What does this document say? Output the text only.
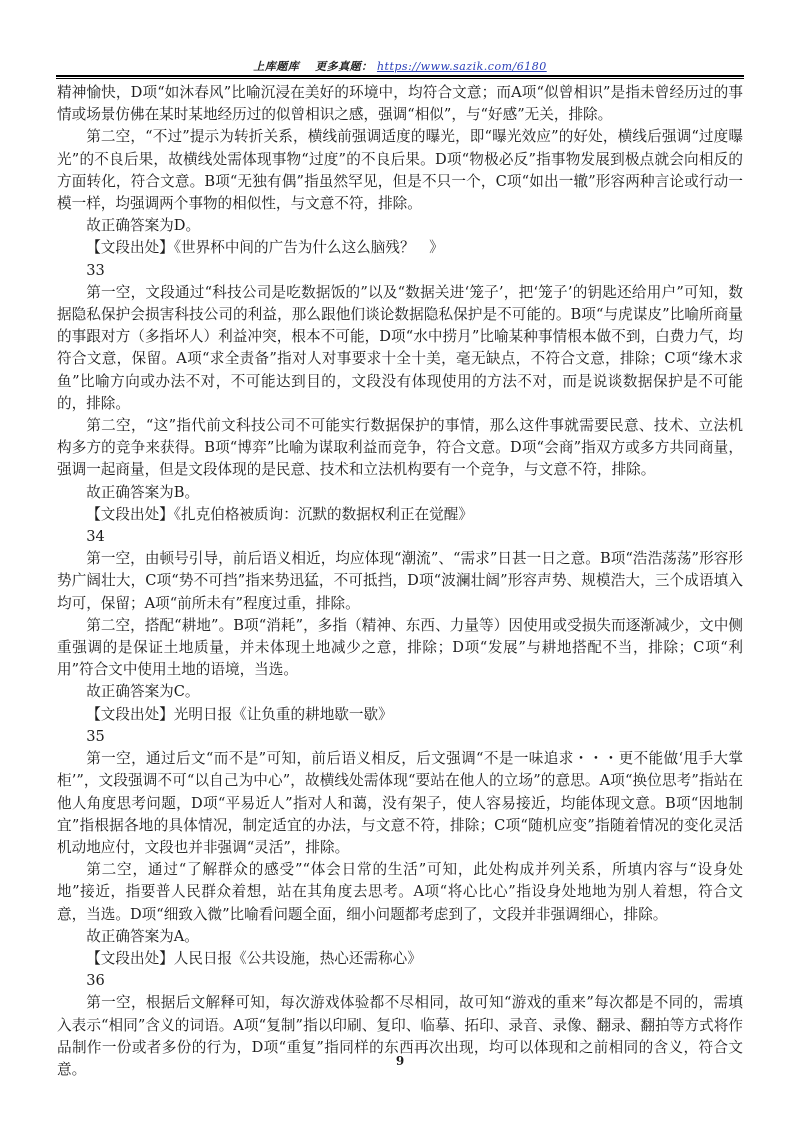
上库题库　 更多真题： https://www.sazik.com/6180

精神愉快，D项“如沐春风”比喻沉浸在美好的环境中，均符合文意；而A项“似曾相识”是指未曾经历过的事情或场景仿佛在某时某地经历过的似曾相识之感，强调“相似”，与“好感”无关，排除。

第二空，“不过”提示为转折关系，横线前强调适度的曝光，即“曝光效应”的好处，横线后强调“过度曝光”的不良后果，故横线处需体现事物“过度”的不良后果。D项“物极必反”指事物发展到极点就会向相反的方面转化，符合文意。B项“无独有偶”指虽然罕见，但是不只一个，C项“如出一辙”形容两种言论或行动一模一样，均强调两个事物的相似性，与文意不符，排除。

故正确答案为D。

【文段出处】《世界杯中间的广告为什么这么脑残？　》

33

第一空，文段通过“科技公司是吃数据饭的”以及“数据关进‘笼子’，把‘笼子’的钥匙还给用户”可知，数据隐私保护会损害科技公司的利益，那么跟他们谈论数据隐私保护是不可能的。B项“与虎谋皮”比喻所商量的事跟对方（多指坏人）利益冲突，根本不可能，D项“水中捞月”比喻某种事情根本做不到，白费力气，均符合文意，保留。A项“求全责备”指对人对事要求十全十美，毫无缺点，不符合文意，排除；C项“缘木求鱼”比喻方向或办法不对，不可能达到目的，文段没有体现使用的方法不对，而是说谈数据保护是不可能的，排除。

第二空，“这”指代前文科技公司不可能实行数据保护的事情，那么这件事就需要民意、技术、立法机构多方的竞争来获得。B项“博弈”比喻为谋取利益而竞争，符合文意。D项“会商”指双方或多方共同商量，强调一起商量，但是文段体现的是民意、技术和立法机构要有一个竞争，与文意不符，排除。

故正确答案为B。

【文段出处】《扎克伯格被质询：沉默的数据权利正在觉醒》

34

第一空，由顿号引导，前后语义相近，均应体现“潮流”、“需求”日甚一日之意。B项“浩浩荡荡”形容形势广阔壮大，C项“势不可挡”指来势迅猛，不可抵挡，D项“波澜壮阔”形容声势、规模浩大，三个成语填入均可，保留；A项“前所未有”程度过重，排除。

第二空，搭配“耕地”。B项“消耗”，多指（精神、东西、力量等）因使用或受损失而逐渐减少，文中侧重强调的是保证土地质量，并未体现土地减少之意，排除；D项“发展”与耕地搭配不当，排除；C项“利用”符合文中使用土地的语境，当选。

故正确答案为C。

【文段出处】光明日报《让负重的耕地歇一歇》

35

第一空，通过后文“而不是”可知，前后语义相反，后文强调“不是一味追求・・・更不能做‘甩手大掌柜’”，文段强调不可“以自己为中心”，故横线处需体现“要站在他人的立场”的意思。A项“换位思考”指站在他人角度思考问题，D项“平易近人”指对人和蔼，没有架子，使人容易接近，均能体现文意。B项“因地制宜”指根据各地的具体情况，制定适宜的办法，与文意不符，排除；C项“随机应变”指随着情况的变化灵活机动地应付，文段也并非强调“灵活”，排除。

第二空，通过“了解群众的感受”“体会日常的生活”可知，此处构成并列关系，所填内容与“设身处地”接近，指要普人民群众着想，站在其角度去思考。A项“将心比心”指设身处地地为别人着想，符合文意，当选。D项“细致入微”比喻看问题全面，细小问题都考虑到了，文段并非强调细心，排除。

故正确答案为A。

【文段出处】人民日报《公共设施，热心还需称心》

36

第一空，根据后文解释可知，每次游戏体验都不尽相同，故可知“游戏的重来”每次都是不同的，需填入表示“相同”含义的词语。A项“复制”指以印刷、复印、临摹、拓印、录音、录像、翻录、翻拍等方式将作品制作一份或者多份的行为，D项“重复”指同样的东西再次出现，均可以体现和之前相同的含义，符合文意。	9
